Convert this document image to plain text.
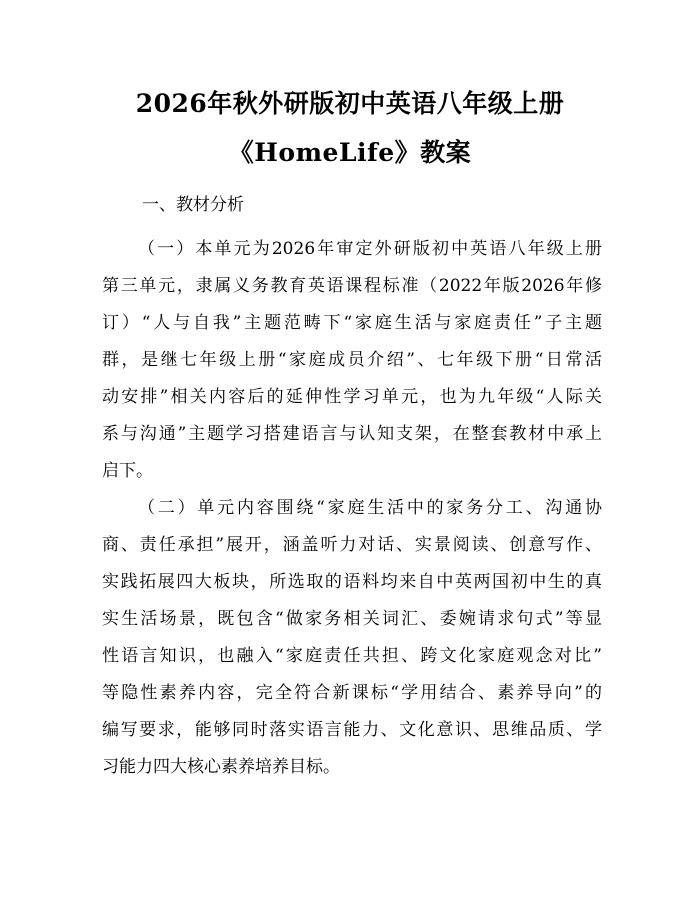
2026年秋外研版初中英语八年级上册
《HomeLife》教案
一、教材分析
（一）本单元为2026年审定外研版初中英语八年级上册
第三单元，隶属义务教育英语课程标准（2022年版2026年修
订）“人与自我”主题范畴下“家庭生活与家庭责任”子主题
群，是继七年级上册“家庭成员介绍”、七年级下册“日常活
动安排”相关内容后的延伸性学习单元，也为九年级“人际关
系与沟通”主题学习搭建语言与认知支架，在整套教材中承上
启下。
（二）单元内容围绕“家庭生活中的家务分工、沟通协
商、责任承担”展开，涵盖听力对话、实景阅读、创意写作、
实践拓展四大板块，所选取的语料均来自中英两国初中生的真
实生活场景，既包含“做家务相关词汇、委婉请求句式”等显
性语言知识，也融入“家庭责任共担、跨文化家庭观念对比”
等隐性素养内容，完全符合新课标“学用结合、素养导向”的
编写要求，能够同时落实语言能力、文化意识、思维品质、学
习能力四大核心素养培养目标。
